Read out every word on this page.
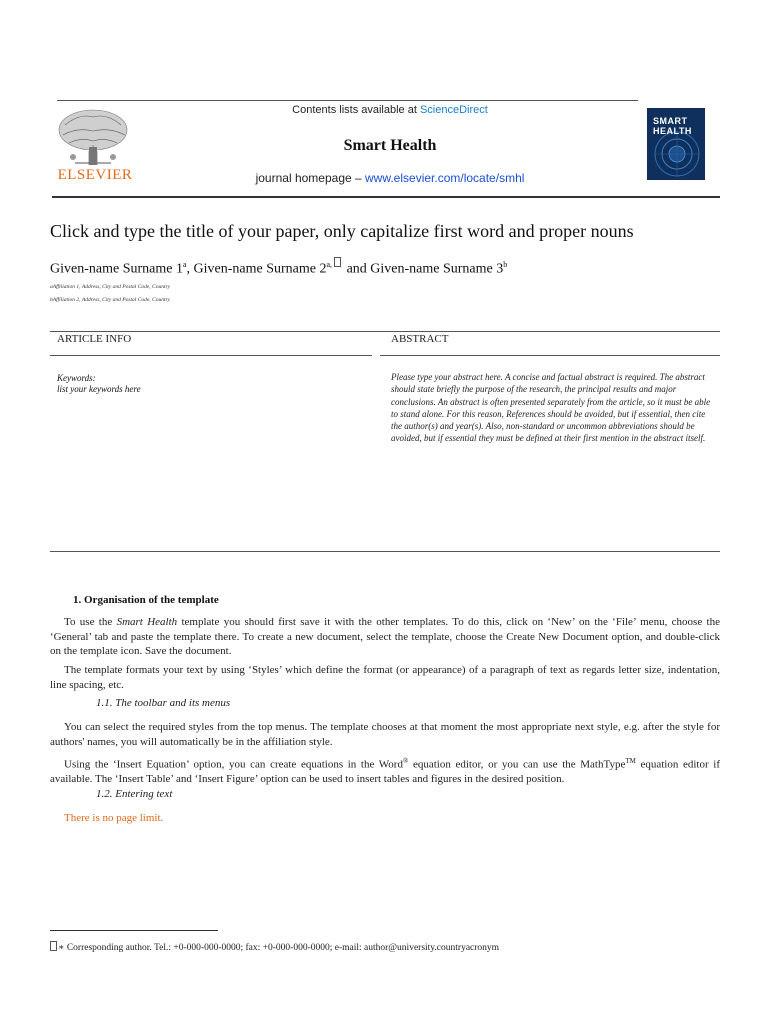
ELSEVIER
Contents lists available at ScienceDirect
Smart Health
journal homepage – www.elsevier.com/locate/smhl
SMART
HEALTH
Click and type the title of your paper, only capitalize first word and proper nouns
Given-name Surname 1$^a$, Given-name Surname $2^{a,}$  and Given-name Surname 3$^b$
aAffiliation 1, Address, City and Postal Code, Country
bAffiliation 2, Address, City and Postal Code, Country
ARTICLE INFO	ABSTRACT
Keywords:
list your keywords here
Please type your abstract here. A concise and factual abstract is required. The abstract should state briefly the purpose of the research, the principal results and major conclusions. An abstract is often presented separately from the article, so it must be able to stand alone. For this reason, References should be avoided, but if essential, then cite the author(s) and year(s). Also, non-standard or uncommon abbreviations should be avoided, but if essential they must be defined at their first mention in the abstract itself.
1. Organisation of the template
To use the Smart Health template you should first save it with the other templates. To do this, click on ‘New’ on the ‘File’ menu, choose the ‘General’ tab and paste the template there. To create a new document, select the template, choose the Create New Document option, and double-click on the template icon. Save the document.
The template formats your text by using ‘Styles’ which define the format (or appearance) of a paragraph of text as regards letter size, indentation, line spacing, etc.
1.1. The toolbar and its menus
You can select the required styles from the top menus. The template chooses at that moment the most appropriate next style, e.g. after the style for authors' names, you will automatically be in the affiliation style.
Using the ‘Insert Equation’ option, you can create equations in the Word® equation editor, or you can use the MathType™ equation editor if available. The ‘Insert Table’ and ‘Insert Figure’ option can be used to insert tables and figures in the desired position.
1.2. Entering text
There is no page limit.
∗ Corresponding author. Tel.: +0-000-000-0000; fax: +0-000-000-0000; e-mail: author@university.countryacronym
